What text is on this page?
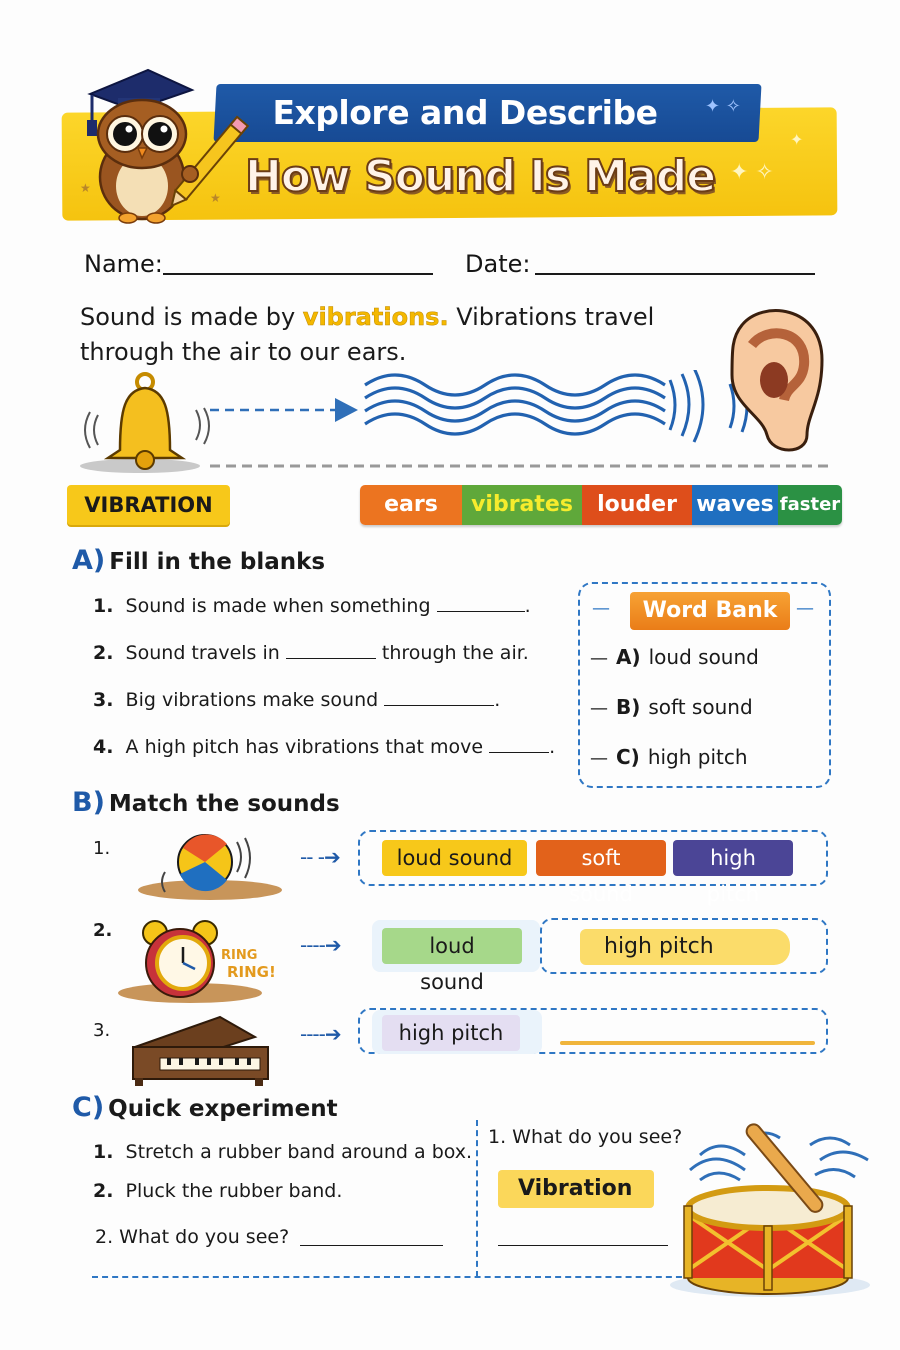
Explore and Describe
How Sound Is Made
✦ ✧
✦ ✧
✦
★
★
Name:	Date:
Sound is made by vibrations. Vibrations travel through the air to our ears.
VIBRATION	ears	vibrates	louder waves faster
A) Fill in the blanks
1. Sound is made when something	.
2. Sound travels in	through the air.
3. Big vibrations make sound	.
4. A high pitch has vibrations that move	.
Word Bank
—	—
— A) loud sound
— B) soft sound
— C) high pitch
B) Match the sounds
1.	-- -➔	loud sound	soft sound
high pitch
2.
RING
RING!
----➔	loud sound
high pitch
3.	----➔	high pitch
C) Quick experiment
1. Stretch a rubber band around a box.
2. Pluck the rubber band.
2. What do you see?
1. What do you see?
Vibration
